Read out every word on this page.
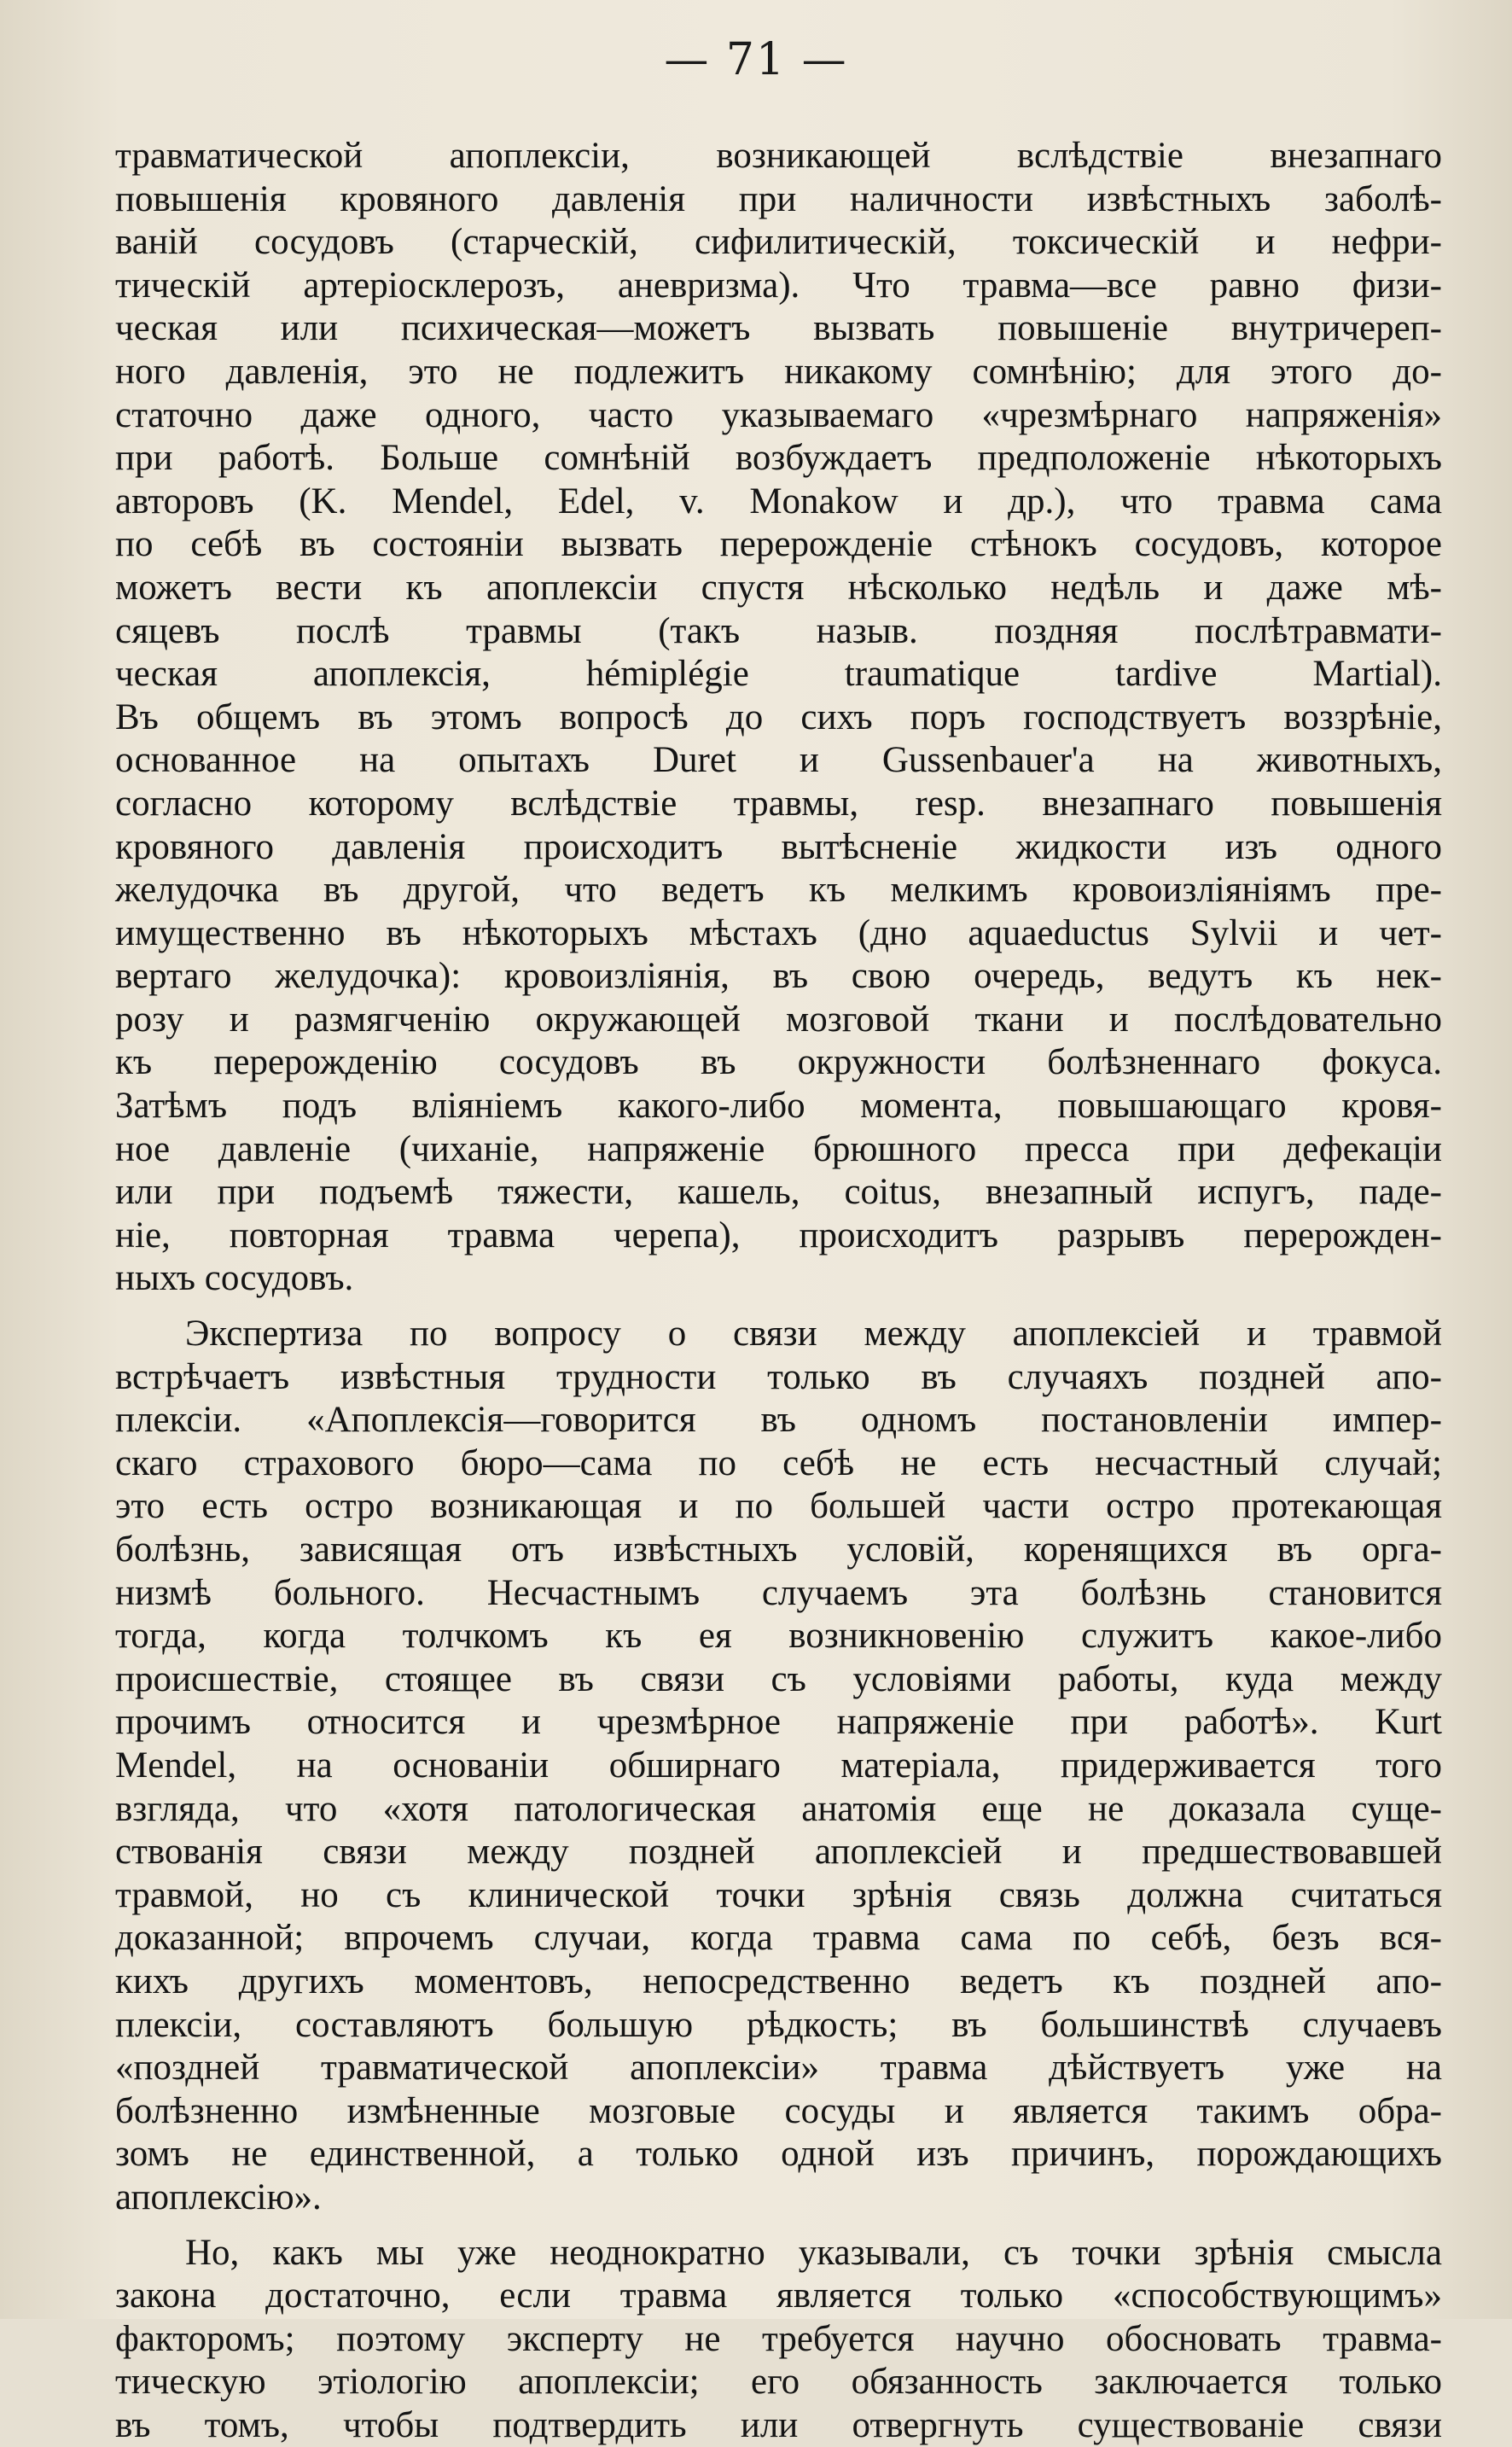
— 71 —
травматической апоплексіи, возникающей вслѣдствіе внезапнаго
повышенія кровяного давленія при наличности извѣстныхъ заболѣ-
ваній сосудовъ (старческій, сифилитическій, токсическій и нефри-
тическій артеріосклерозъ, аневризма). Что травма—все равно физи-
ческая или психическая—можетъ вызвать повышеніе внутричереп-
ного давленія, это не подлежитъ никакому сомнѣнію; для этого до-
статочно даже одного, часто указываемаго «чрезмѣрнаго напряженія»
при работѣ. Больше сомнѣній возбуждаетъ предположеніе нѣкоторыхъ
авторовъ (K. Mendel, Edel, v. Monakow и др.), что травма сама
по себѣ въ состояніи вызвать перерожденіе стѣнокъ сосудовъ, которое
можетъ вести къ апоплексіи спустя нѣсколько недѣль и даже мѣ-
сяцевъ послѣ травмы (такъ назыв. поздняя послѣтравмати-
ческая апоплексія, hémiplégie traumatique tardive Martial).
Въ общемъ въ этомъ вопросѣ до сихъ поръ господствуетъ воззрѣніе,
основанное на опытахъ Duret и Gussenbauer'а на животныхъ,
согласно которому вслѣдствіе травмы, resp. внезапнаго повышенія
кровяного давленія происходитъ вытѣсненіе жидкости изъ одного
желудочка въ другой, что ведетъ къ мелкимъ кровоизліяніямъ пре-
имущественно въ нѣкоторыхъ мѣстахъ (дно aquaeductus Sylvii и чет-
вертаго желудочка): кровоизліянія, въ свою очередь, ведутъ къ нек-
розу и размягченію окружающей мозговой ткани и послѣдовательно
къ перерожденію сосудовъ въ окружности болѣзненнаго фокуса.
Затѣмъ подъ вліяніемъ какого-либо момента, повышающаго кровя-
ное давленіе (чиханіе, напряженіе брюшного пресса при дефекаціи
или при подъемѣ тяжести, кашель, coitus, внезапный испугъ, паде-
ніе, повторная травма черепа), происходитъ разрывъ перерожден-
ныхъ сосудовъ.
Экспертиза по вопросу о связи между апоплексіей и травмой
встрѣчаетъ извѣстныя трудности только въ случаяхъ поздней апо-
плексіи. «Апоплексія—говорится въ одномъ постановленіи импер-
скаго страхового бюро—сама по себѣ не есть несчастный случай;
это есть остро возникающая и по большей части остро протекающая
болѣзнь, зависящая отъ извѣстныхъ условій, коренящихся въ орга-
низмѣ больного. Несчастнымъ случаемъ эта болѣзнь становится
тогда, когда толчкомъ къ ея возникновенію служитъ какое-либо
происшествіе, стоящее въ связи съ условіями работы, куда между
прочимъ относится и чрезмѣрное напряженіе при работѣ». Kurt
Mendel, на основаніи обширнаго матеріала, придерживается того
взгляда, что «хотя патологическая анатомія еще не доказала суще-
ствованія связи между поздней апоплексіей и предшествовавшей
травмой, но съ клинической точки зрѣнія связь должна считаться
доказанной; впрочемъ случаи, когда травма сама по себѣ, безъ вся-
кихъ другихъ моментовъ, непосредственно ведетъ къ поздней апо-
плексіи, составляютъ большую рѣдкость; въ большинствѣ случаевъ
«поздней травматической апоплексіи» травма дѣйствуетъ уже на
болѣзненно измѣненные мозговые сосуды и является такимъ обра-
зомъ не единственной, а только одной изъ причинъ, порождающихъ
апоплексію».
Но, какъ мы уже неоднократно указывали, съ точки зрѣнія смысла
закона достаточно, если травма является только «способствующимъ»
факторомъ; поэтому эксперту не требуется научно обосновать травма-
тическую этіологію апоплексіи; его обязанность заключается только
въ томъ, чтобы подтвердить или отвергнуть существованіе связи
